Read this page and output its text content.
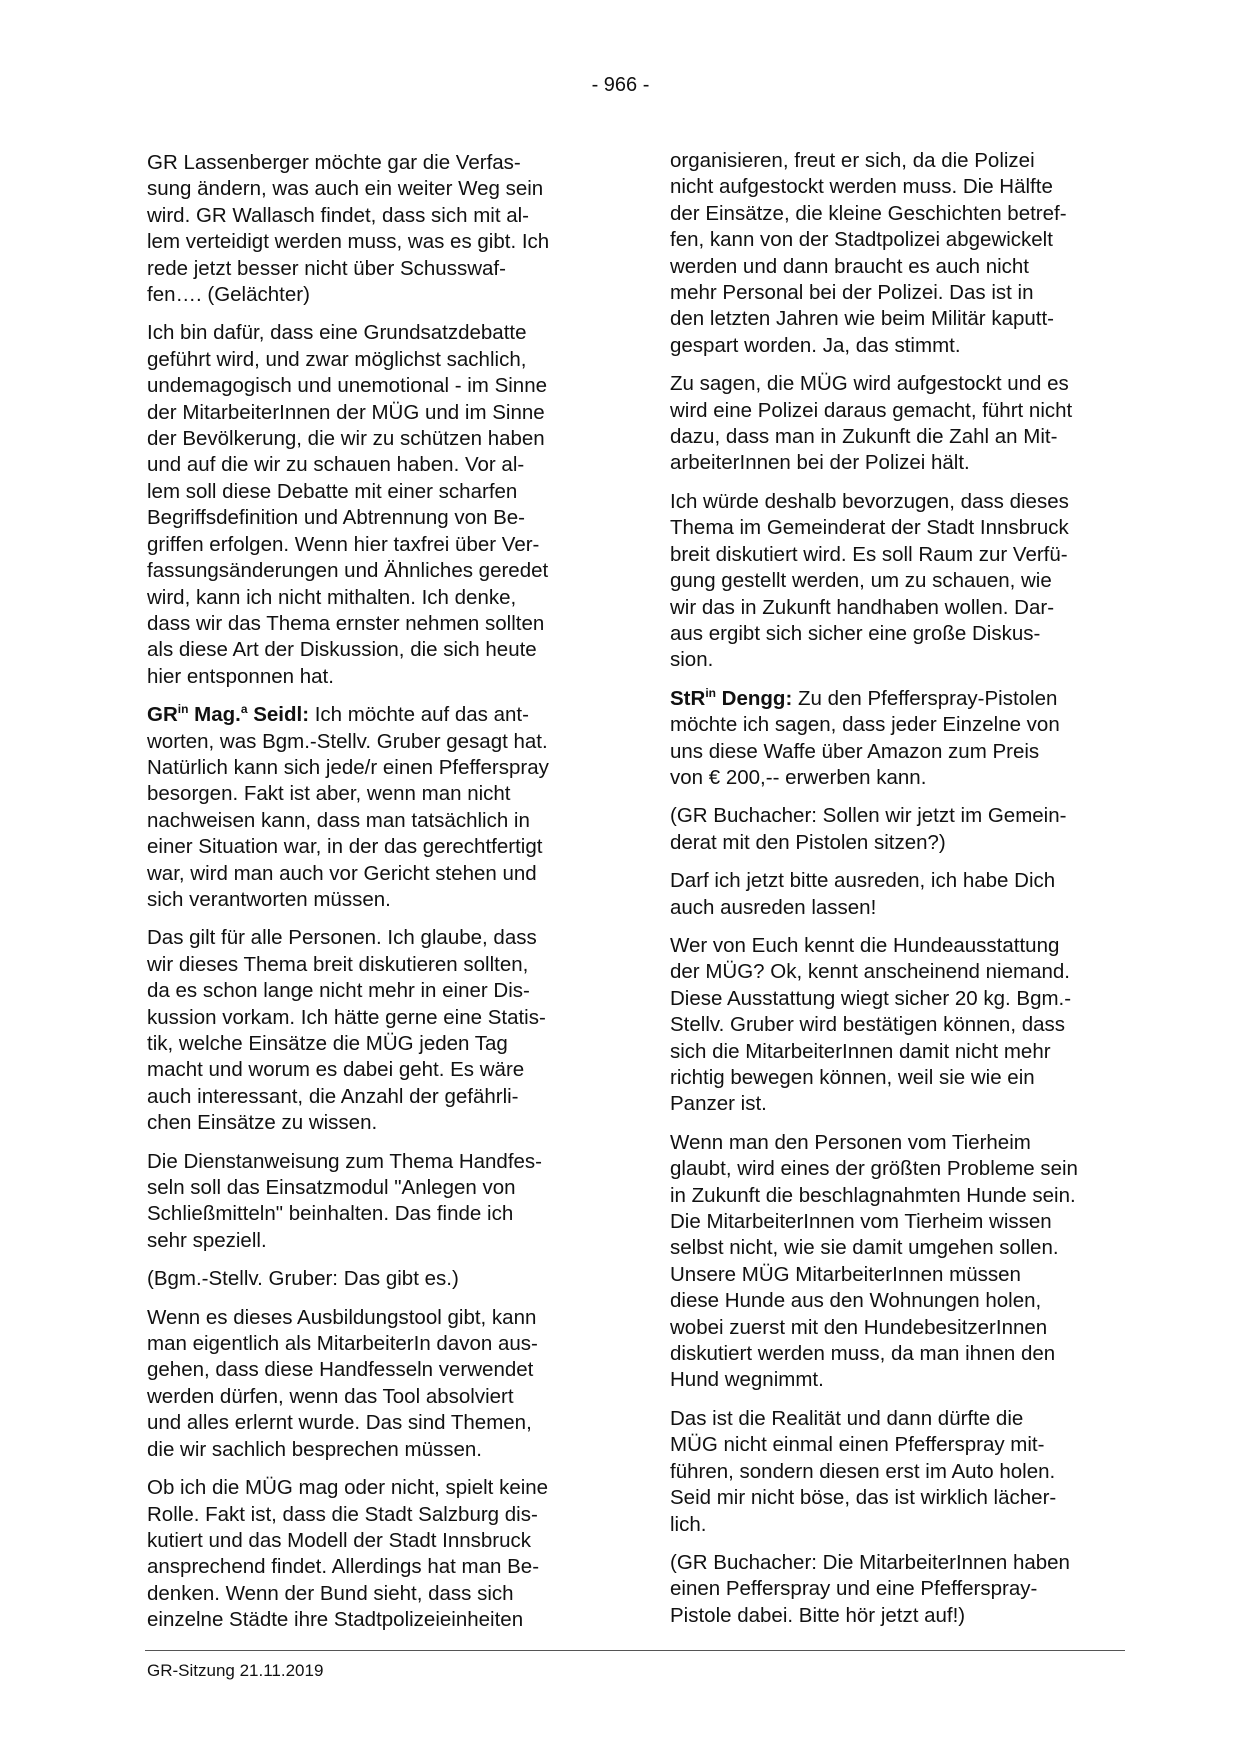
- 966 -

GR Lassenberger möchte gar die Verfas-
sung ändern, was auch ein weiter Weg sein
wird. GR Wallasch findet, dass sich mit al-
lem verteidigt werden muss, was es gibt. Ich
rede jetzt besser nicht über Schusswaf-
fen…. (Gelächter)

Ich bin dafür, dass eine Grundsatzdebatte
geführt wird, und zwar möglichst sachlich,
undemagogisch und unemotional - im Sinne
der MitarbeiterInnen der MÜG und im Sinne
der Bevölkerung, die wir zu schützen haben
und auf die wir zu schauen haben. Vor al-
lem soll diese Debatte mit einer scharfen
Begriffsdefinition und Abtrennung von Be-
griffen erfolgen. Wenn hier taxfrei über Ver-
fassungsänderungen und Ähnliches geredet
wird, kann ich nicht mithalten. Ich denke,
dass wir das Thema ernster nehmen sollten
als diese Art der Diskussion, die sich heute
hier entsponnen hat.

$GR^{in}$ Mag.$^a$ Seidl: Ich möchte auf das ant-
worten, was Bgm.-Stellv. Gruber gesagt hat.
Natürlich kann sich jede/r einen Pfefferspray
besorgen. Fakt ist aber, wenn man nicht
nachweisen kann, dass man tatsächlich in
einer Situation war, in der das gerechtfertigt
war, wird man auch vor Gericht stehen und
sich verantworten müssen.

Das gilt für alle Personen. Ich glaube, dass
wir dieses Thema breit diskutieren sollten,
da es schon lange nicht mehr in einer Dis-
kussion vorkam. Ich hätte gerne eine Statis-
tik, welche Einsätze die MÜG jeden Tag
macht und worum es dabei geht. Es wäre
auch interessant, die Anzahl der gefährli-
chen Einsätze zu wissen.

Die Dienstanweisung zum Thema Handfes-
seln soll das Einsatzmodul "Anlegen von
Schließmitteln" beinhalten. Das finde ich
sehr speziell.

(Bgm.-Stellv. Gruber: Das gibt es.)

Wenn es dieses Ausbildungstool gibt, kann
man eigentlich als MitarbeiterIn davon aus-
gehen, dass diese Handfesseln verwendet
werden dürfen, wenn das Tool absolviert
und alles erlernt wurde. Das sind Themen,
die wir sachlich besprechen müssen.

Ob ich die MÜG mag oder nicht, spielt keine
Rolle. Fakt ist, dass die Stadt Salzburg dis-
kutiert und das Modell der Stadt Innsbruck
ansprechend findet. Allerdings hat man Be-
denken. Wenn der Bund sieht, dass sich
einzelne Städte ihre Stadtpolizeieinheiten

organisieren, freut er sich, da die Polizei
nicht aufgestockt werden muss. Die Hälfte
der Einsätze, die kleine Geschichten betref-
fen, kann von der Stadtpolizei abgewickelt
werden und dann braucht es auch nicht
mehr Personal bei der Polizei. Das ist in
den letzten Jahren wie beim Militär kaputt-
gespart worden. Ja, das stimmt.

Zu sagen, die MÜG wird aufgestockt und es
wird eine Polizei daraus gemacht, führt nicht
dazu, dass man in Zukunft die Zahl an Mit-
arbeiterInnen bei der Polizei hält.

Ich würde deshalb bevorzugen, dass dieses
Thema im Gemeinderat der Stadt Innsbruck
breit diskutiert wird. Es soll Raum zur Verfü-
gung gestellt werden, um zu schauen, wie
wir das in Zukunft handhaben wollen. Dar-
aus ergibt sich sicher eine große Diskus-
sion.

StR$^{in}$ Dengg: Zu den Pfefferspray-Pistolen
möchte ich sagen, dass jeder Einzelne von
uns diese Waffe über Amazon zum Preis
von € 200,-- erwerben kann.

(GR Buchacher: Sollen wir jetzt im Gemein-
derat mit den Pistolen sitzen?)

Darf ich jetzt bitte ausreden, ich habe Dich
auch ausreden lassen!

Wer von Euch kennt die Hundeausstattung
der MÜG? Ok, kennt anscheinend niemand.
Diese Ausstattung wiegt sicher 20 kg. Bgm.-
Stellv. Gruber wird bestätigen können, dass
sich die MitarbeiterInnen damit nicht mehr
richtig bewegen können, weil sie wie ein
Panzer ist.

Wenn man den Personen vom Tierheim
glaubt, wird eines der größten Probleme sein
in Zukunft die beschlagnahmten Hunde sein.
Die MitarbeiterInnen vom Tierheim wissen
selbst nicht, wie sie damit umgehen sollen.
Unsere MÜG MitarbeiterInnen müssen
diese Hunde aus den Wohnungen holen,
wobei zuerst mit den HundebesitzerInnen
diskutiert werden muss, da man ihnen den
Hund wegnimmt.

Das ist die Realität und dann dürfte die
MÜG nicht einmal einen Pfefferspray mit-
führen, sondern diesen erst im Auto holen.
Seid mir nicht böse, das ist wirklich lächer-
lich.

(GR Buchacher: Die MitarbeiterInnen haben
einen Pefferspray und eine Pfefferspray-
Pistole dabei. Bitte hör jetzt auf!)

GR-Sitzung 21.11.2019
